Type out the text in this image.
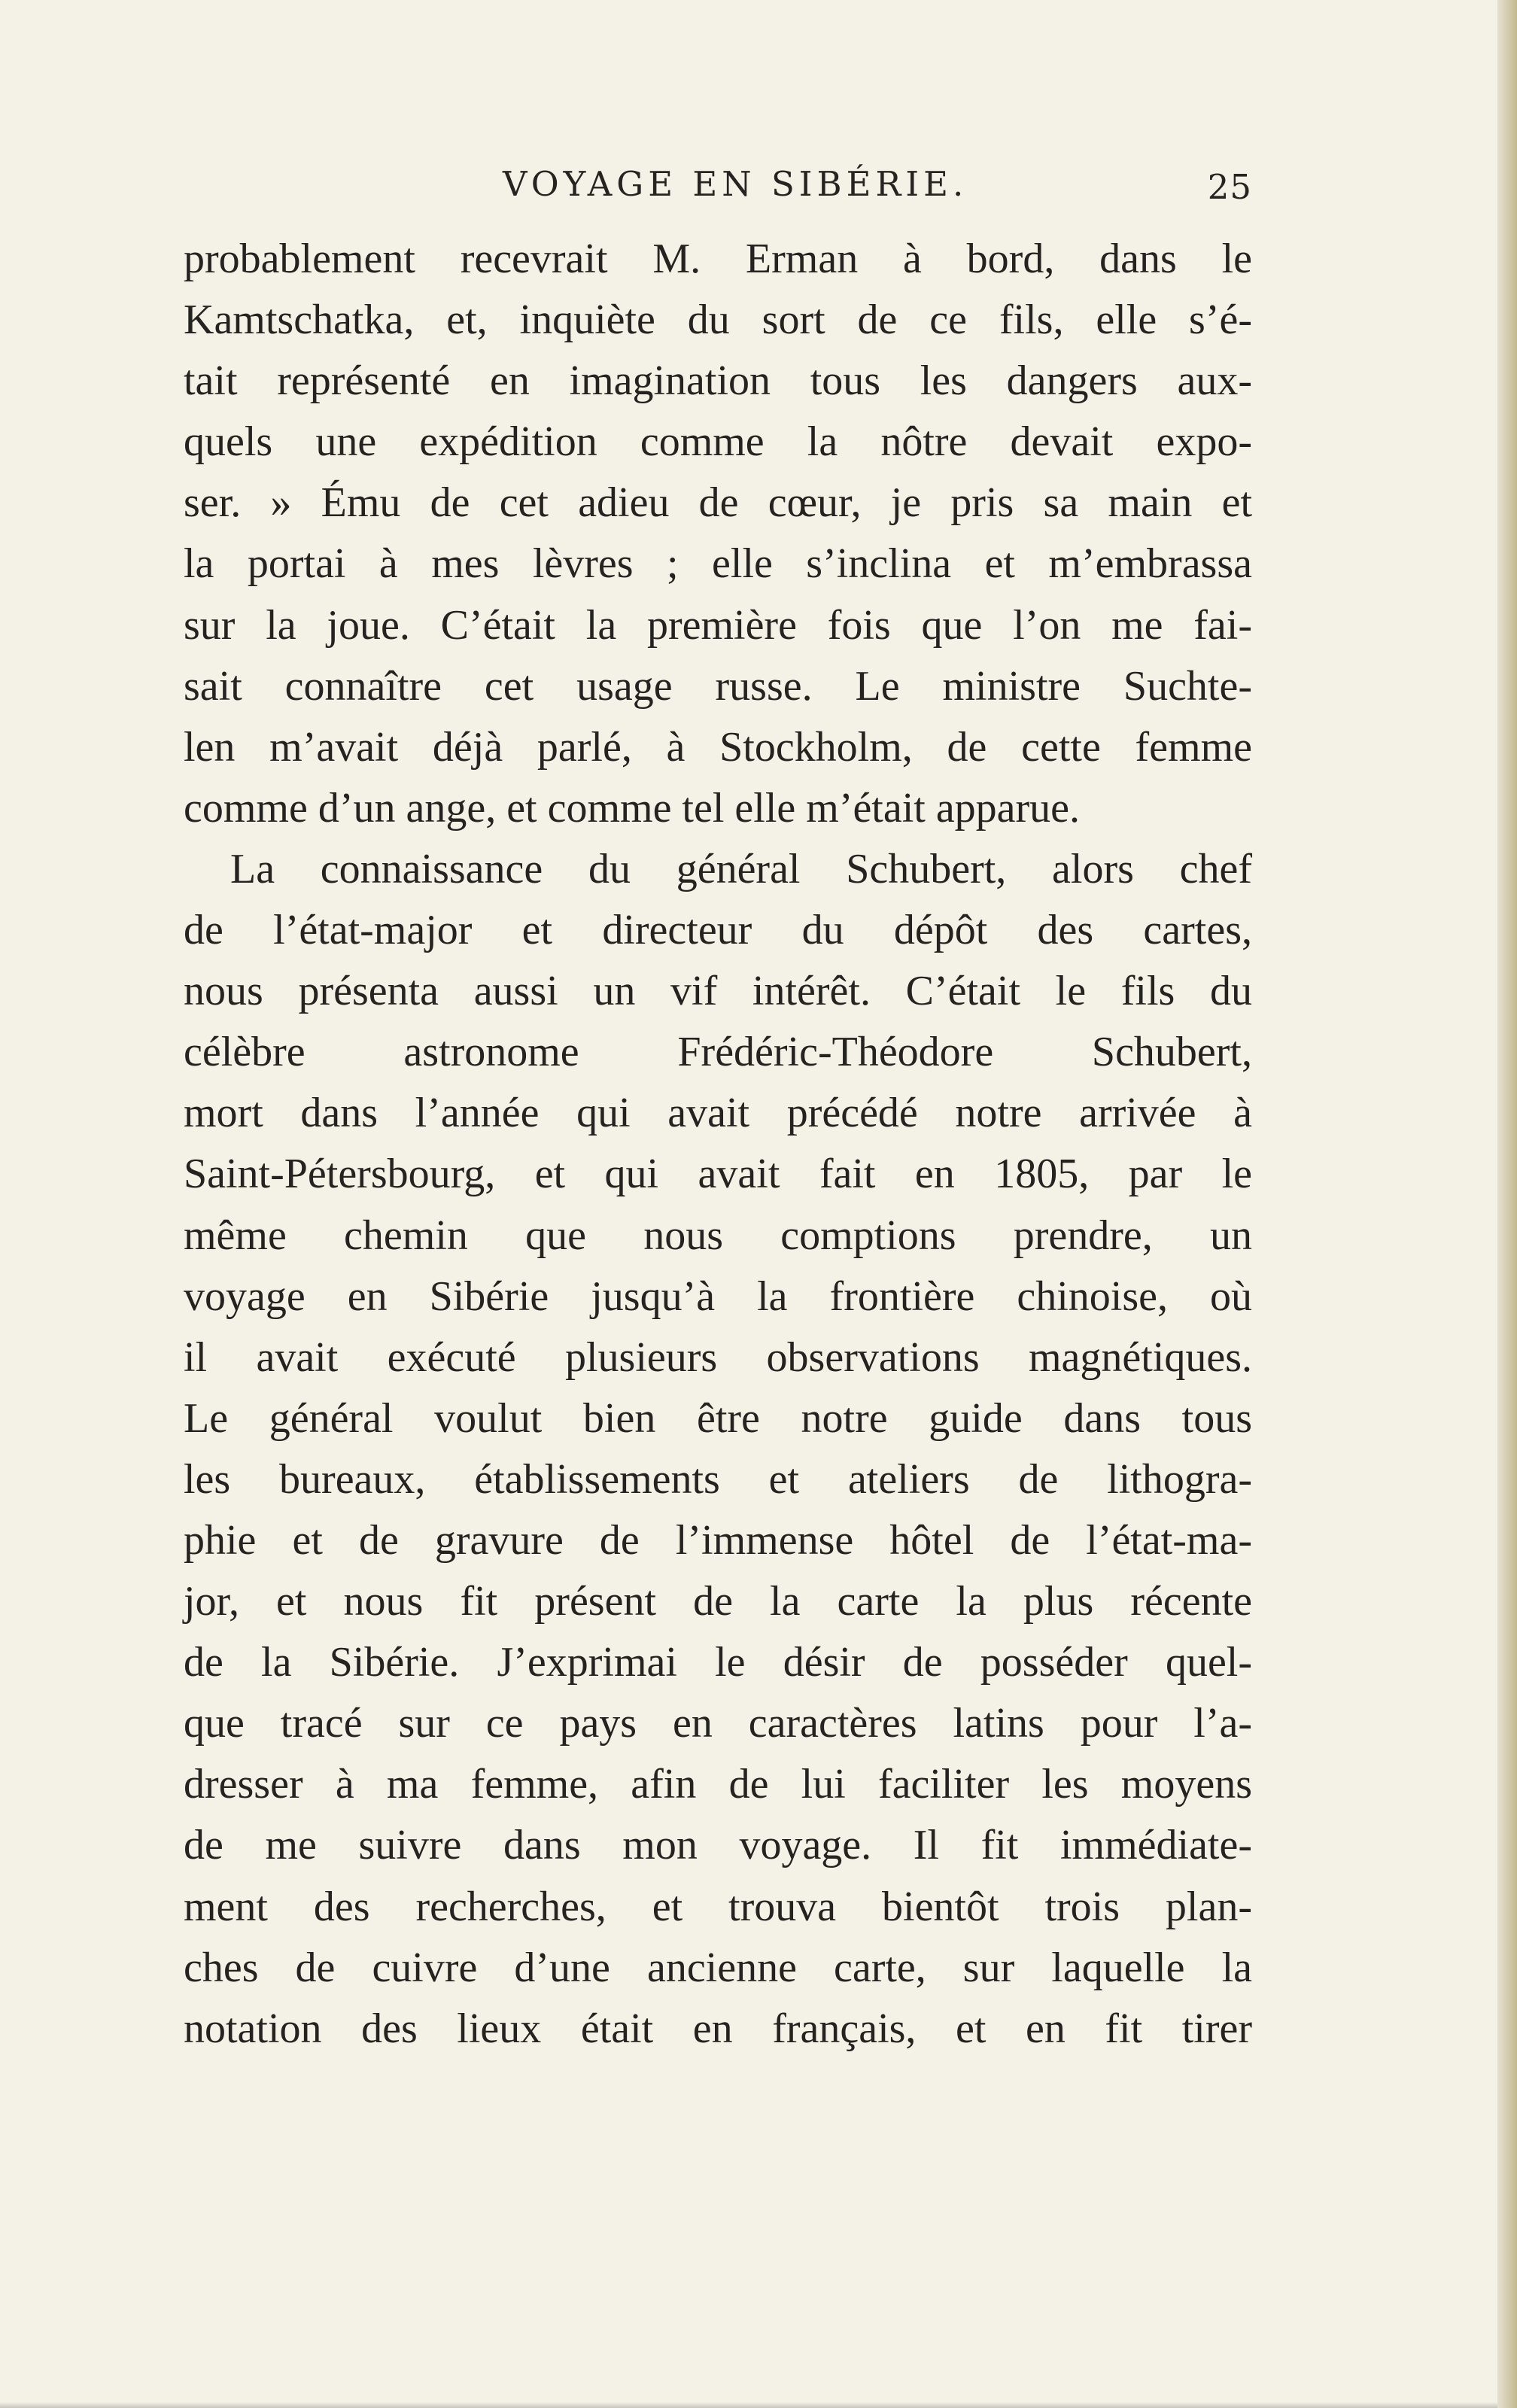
VOYAGE EN SIBÉRIE.	25
probablement recevrait M. Erman à bord, dans le
Kamtschatka, et, inquiète du sort de ce fils, elle s’é-
tait représenté en imagination tous les dangers aux-
quels une expédition comme la nôtre devait expo-
ser. » Ému de cet adieu de cœur, je pris sa main et
la portai à mes lèvres ; elle s’inclina et m’embrassa
sur la joue. C’était la première fois que l’on me fai-
sait connaître cet usage russe. Le ministre Suchte-
len m’avait déjà parlé, à Stockholm, de cette femme
comme d’un ange, et comme tel elle m’était apparue.
La connaissance du général Schubert, alors chef
de l’état-major et directeur du dépôt des cartes,
nous présenta aussi un vif intérêt. C’était le fils du
célèbre astronome Frédéric-Théodore Schubert,
mort dans l’année qui avait précédé notre arrivée à
Saint-Pétersbourg, et qui avait fait en 1805, par le
même chemin que nous comptions prendre, un
voyage en Sibérie jusqu’à la frontière chinoise, où
il avait exécuté plusieurs observations magnétiques.
Le général voulut bien être notre guide dans tous
les bureaux, établissements et ateliers de lithogra-
phie et de gravure de l’immense hôtel de l’état-ma-
jor, et nous fit présent de la carte la plus récente
de la Sibérie. J’exprimai le désir de posséder quel-
que tracé sur ce pays en caractères latins pour l’a-
dresser à ma femme, afin de lui faciliter les moyens
de me suivre dans mon voyage. Il fit immédiate-
ment des recherches, et trouva bientôt trois plan-
ches de cuivre d’une ancienne carte, sur laquelle la
notation des lieux était en français, et en fit tirer
